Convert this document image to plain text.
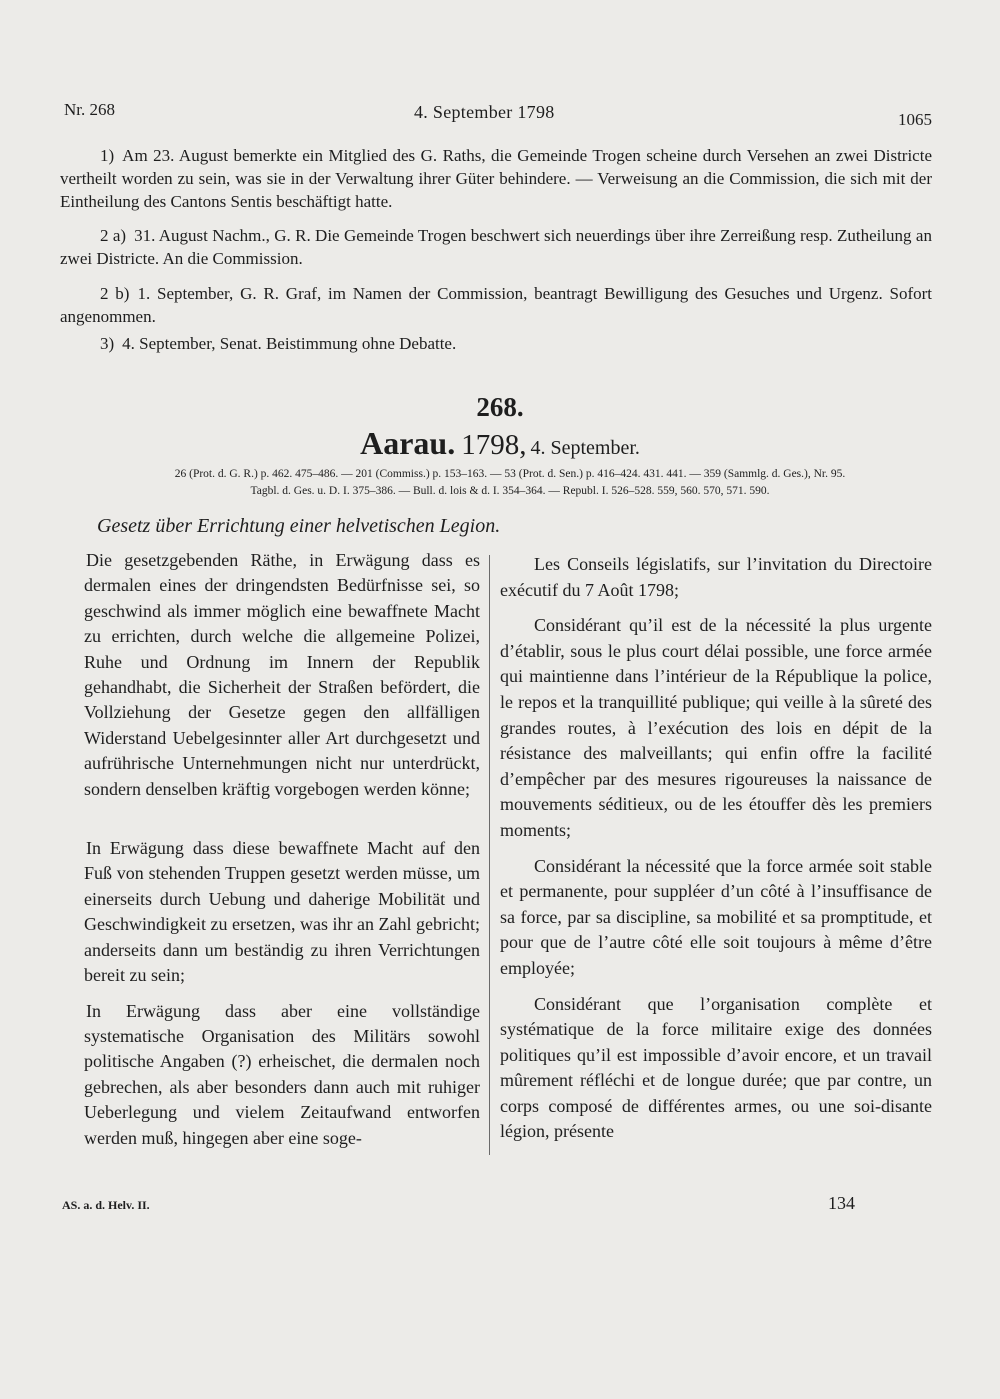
Nr. 268	4. September 1798	1065
1) Am 23. August bemerkte ein Mitglied des G. Raths, die Gemeinde Trogen scheine durch Versehen an zwei Districte vertheilt worden zu sein, was sie in der Verwaltung ihrer Güter behindere. — Verweisung an die Commission, die sich mit der Eintheilung des Cantons Sentis beschäftigt hatte.
2 a) 31. August Nachm., G. R. Die Gemeinde Trogen beschwert sich neuerdings über ihre Zerreißung resp. Zutheilung an zwei Districte. An die Commission.
2 b) 1. September, G. R. Graf, im Namen der Commission, beantragt Bewilligung des Gesuches und Urgenz. Sofort angenommen.
3) 4. September, Senat. Beistimmung ohne Debatte.
268.
Aarau. 1798, 4. September.
26 (Prot. d. G. R.) p. 462. 475–486. — 201 (Commiss.) p. 153–163. — 53 (Prot. d. Sen.) p. 416–424. 431. 441. — 359 (Sammlg. d. Ges.), Nr. 95.
Tagbl. d. Ges. u. D. I. 375–386. — Bull. d. lois & d. I. 354–364. — Republ. I. 526–528. 559, 560. 570, 571. 590.
Gesetz über Errichtung einer helvetischen Legion.

Die gesetzgebenden Räthe, in Erwägung dass es dermalen eines der dringendsten Bedürfnisse sei, so geschwind als immer möglich eine bewaffnete Macht zu errichten, durch welche die allgemeine Polizei, Ruhe und Ordnung im Innern der Republik gehandhabt, die Sicherheit der Straßen befördert, die Vollziehung der Gesetze gegen den allfälligen Widerstand Uebelgesinnter aller Art durchgesetzt und aufrührische Unternehmungen nicht nur unterdrückt, sondern denselben kräftig vorgebogen werden könne;

In Erwägung dass diese bewaffnete Macht auf den Fuß von stehenden Truppen gesetzt werden müsse, um einerseits durch Uebung und daherige Mobilität und Geschwindigkeit zu ersetzen, was ihr an Zahl gebricht; anderseits dann um beständig zu ihren Verrichtungen bereit zu sein;

In Erwägung dass aber eine vollständige systematische Organisation des Militärs sowohl politische Angaben (?) erheischet, die dermalen noch gebrechen, als aber besonders dann auch mit ruhiger Ueberlegung und vielem Zeitaufwand entworfen werden muß, hingegen aber eine soge-

Les Conseils législatifs, sur l’invitation du Directoire exécutif du 7 Août 1798;

Considérant qu’il est de la nécessité la plus urgente d’établir, sous le plus court délai possible, une force armée qui maintienne dans l’intérieur de la République la police, le repos et la tranquillité publique; qui veille à la sûreté des grandes routes, à l’exécution des lois en dépit de la résistance des malveillants; qui enfin offre la facilité d’empêcher par des mesures rigoureuses la naissance de mouvements séditieux, ou de les étouffer dès les premiers moments;

Considérant la nécessité que la force armée soit stable et permanente, pour suppléer d’un côté à l’insuffisance de sa force, par sa discipline, sa mobilité et sa promptitude, et pour que de l’autre côté elle soit toujours à même d’être employée;

Considérant que l’organisation complète et systématique de la force militaire exige des données politiques qu’il est impossible d’avoir encore, et un travail mûrement réfléchi et de longue durée; que par contre, un corps composé de différentes armes, ou une soi-disante légion, présente

AS. a. d. Helv. II.	134
